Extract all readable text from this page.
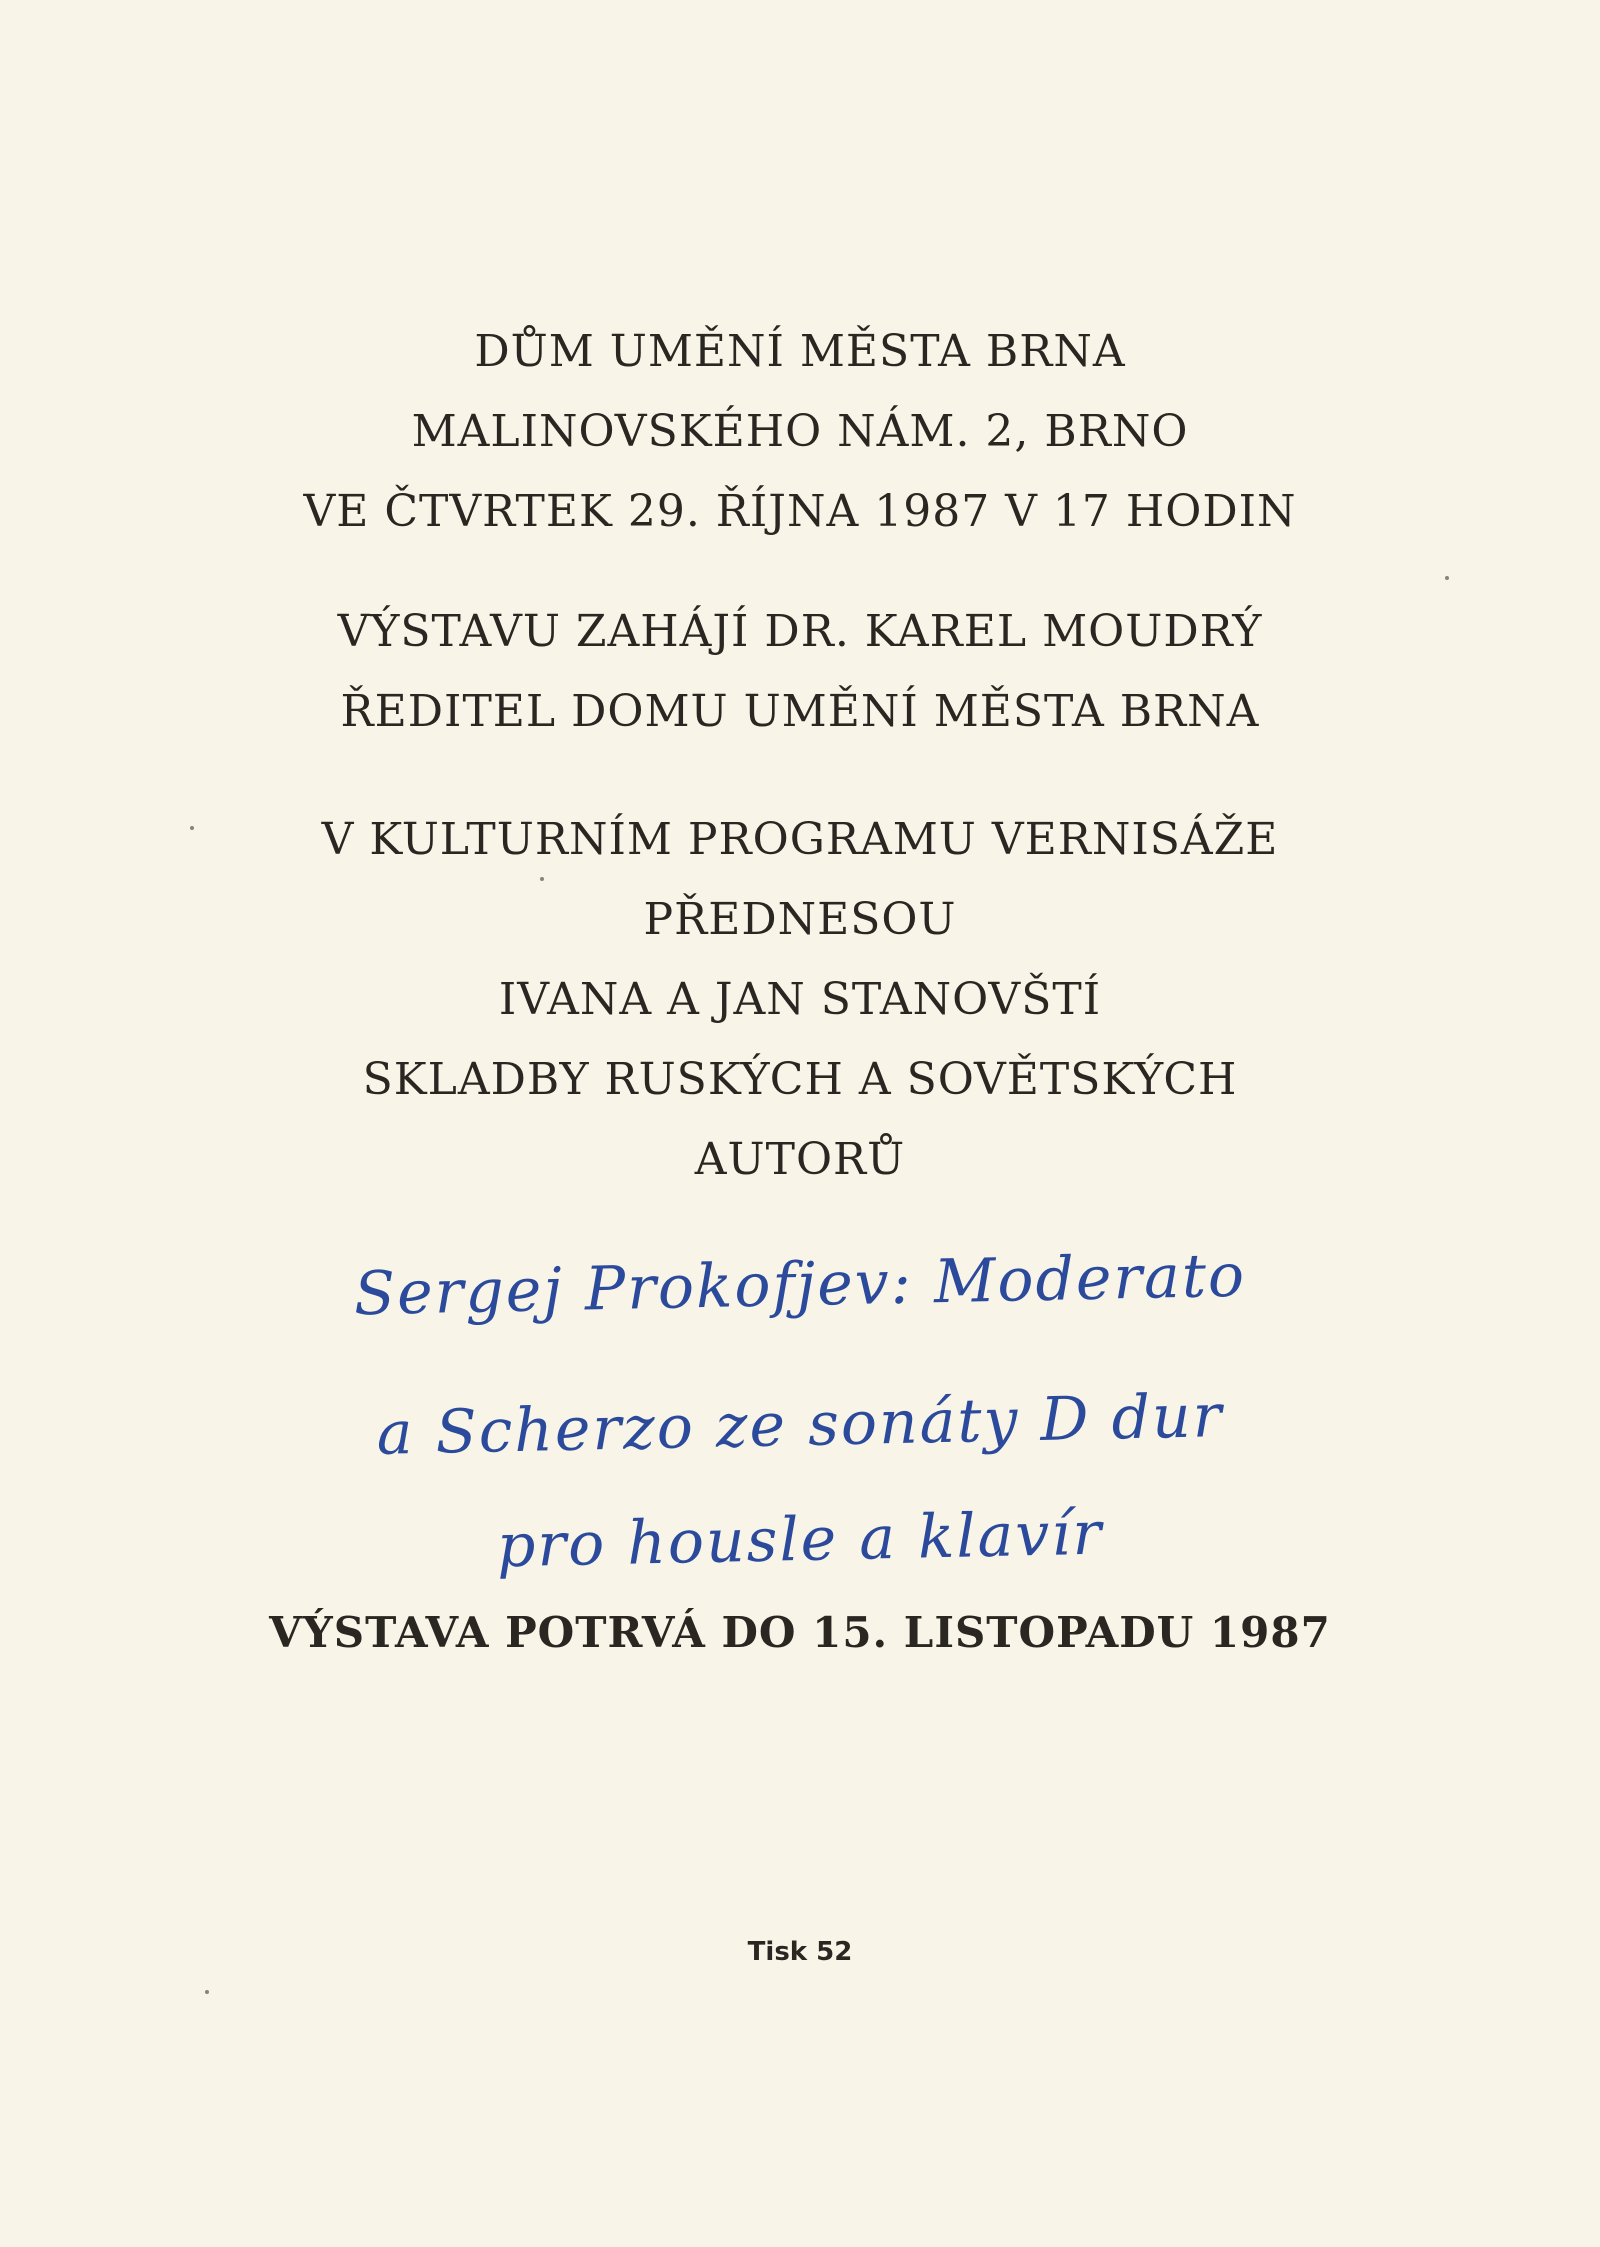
DŮM UMĚNÍ MĚSTA BRNA
MALINOVSKÉHO NÁM. 2, BRNO
VE ČTVRTEK 29. ŘÍJNA 1987 V 17 HODIN
VÝSTAVU ZAHÁJÍ DR. KAREL MOUDRÝ
ŘEDITEL DOMU UMĚNÍ MĚSTA BRNA
V KULTURNÍM PROGRAMU VERNISÁŽE
PŘEDNESOU
IVANA A JAN STANOVŠTÍ
SKLADBY RUSKÝCH A SOVĚTSKÝCH
AUTORŮ
Sergej Prokofjev: Moderato
a Scherzo ze sonáty D dur
pro housle a klavír
VÝSTAVA POTRVÁ DO 15. LISTOPADU 1987
Tisk 52
